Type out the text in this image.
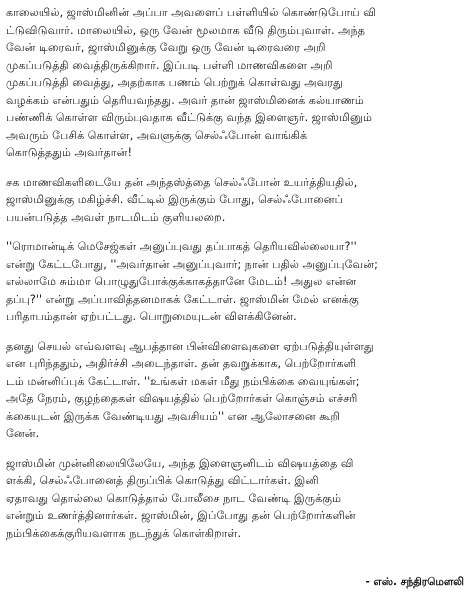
காலையில், ஜாஸ்மினின் அப்பா அவளைப் பள்ளியில் கொண்டுபோய் வி
ட்டுவிடுவார். மாலையில், ஒரு வேன் மூலமாக வீடு திரும்புவாள். அந்த
வேன் டிரைவர், ஜாஸ்மினுக்கு வேறு ஒரு வேன் டிரைவரை அறி
முகப்படுத்தி வைத்திருக்கிறார். இப்படி பள்ளி மாணவிகளை அறி
முகப்படுத்தி வைத்து, அதற்காக பணம் பெற்றுக் கொள்வது அவரது
வழக்கம் என்பதும் தெரியவந்தது. அவர் தான் ஜாஸ்மினைக் கல்யாணம்
பண்ணிக் கொள்ள விரும்புவதாக வீட்டுக்கு வந்த இளைஞர். ஜாஸ்மினும்
அவரும் பேசிக் கொள்ள, அவளுக்கு செல்ஃபோன் வாங்கிக்
கொடுத்ததும் அவர்தான்!
சக மாணவிகளிடையே தன் அந்தஸ்த்தை செல்ஃபோன் உயர்த்தியதில்,
ஜாஸ்மினுக்கு மகிழ்ச்சி. வீட்டில் இருக்கும் போது, செல்ஃபோனைப்
பயன்படுத்த அவள் நாடமிடம் குளியலறை.
''ரொமான்டிக் மெசேஜ்கள் அனுப்புவது தப்பாகத் தெரியவில்லையா?''
என்று கேட்டபோது, ''அவர்தான் அனுப்புவார்; நான் பதில் அனுப்புவேன்;
எல்லாமே சும்மா பொழுதுபோக்குக்காகத்தானே மேடம்! அதுல என்ன
தப்பு?'' என்று அப்பாவித்தனமாகக் கேட்டாள். ஜாஸ்மின் மேல் எனக்கு
பரிதாபம்தான் ஏற்பட்டது. பொறுமையுடன் விளக்கினேன்.
தனது செயல் எவ்வளவு ஆபத்தான பின்விளைவுகளை ஏற்படுத்தியுள்ளது
என புரிந்ததும், அதிர்ச்சி அடைந்தாள். தன் தவறுக்காக, பெற்றோர்களி
டம் மன்னிப்புக் கேட்டாள். ''உங்கள் மகள் மீது நம்பிக்கை வையுங்கள்;
அதே நேரம், குழந்தைகள் விஷயத்தில் பெற்றோர்கள் கொஞ்சம் எச்சரி
க்கையுடன் இருக்க வேண்டியது அவசியம்'' என ஆலோசனை கூறி
னேன்.
ஜாஸ்மின் முன்னிலையிலேயே, அந்த இளைஞனிடம் விஷயத்தை வி
ளக்கி, செல்ஃபோனைத் திருப்பிக் கொடுத்து விட்டார்கள். இனி
ஏதாவது தொல்லை கொடுத்தால் போலீசை நாட வேண்டி இருக்கும்
என்றும் உணர்த்தினார்கள். ஜாஸ்மின், இப்போது தன் பெற்றோர்களின்
நம்பிக்கைக்குரியவளாக நடந்துக் கொள்கிறாள்.
- எஸ். சந்திரமௌலி
